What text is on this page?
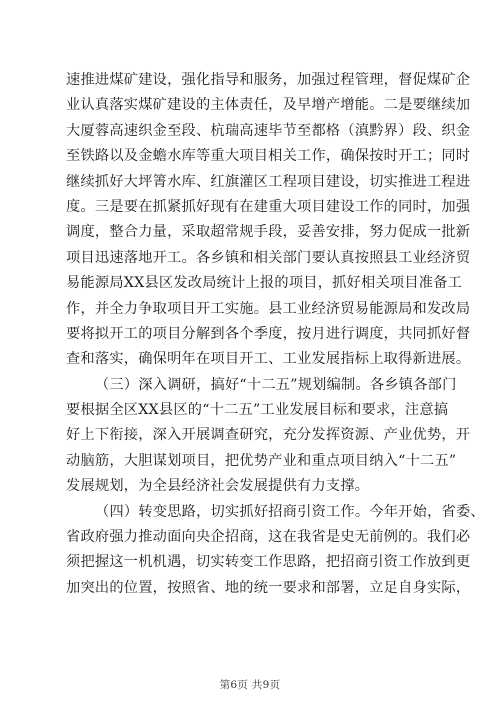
速推进煤矿建设，强化指导和服务，加强过程管理，督促煤矿企
业认真落实煤矿建设的主体责任，及早增产增能。二是要继续加
大厦蓉高速织金至段、杭瑞高速毕节至都格（滇黔界）段、织金
至铁路以及金蟾水库等重大项目相关工作，确保按时开工；同时
继续抓好大坪箐水库、红旗灌区工程项目建设，切实推进工程进
度。三是要在抓紧抓好现有在建重大项目建设工作的同时，加强
调度，整合力量，采取超常规手段，妥善安排，努力促成一批新
项目迅速落地开工。各乡镇和相关部门要认真按照县工业经济贸
易能源局XX县区发改局统计上报的项目，抓好相关项目准备工
作，并全力争取项目开工实施。县工业经济贸易能源局和发改局
要将拟开工的项目分解到各个季度，按月进行调度，共同抓好督
查和落实，确保明年在项目开工、工业发展指标上取得新进展。
（三）深入调研，搞好“十二五”规划编制。各乡镇各部门
要根据全区XX县区的“十二五”工业发展目标和要求，注意搞
好上下衔接，深入开展调查研究，充分发挥资源、产业优势，开
动脑筋，大胆谋划项目，把优势产业和重点项目纳入“十二五”
发展规划，为全县经济社会发展提供有力支撑。
（四）转变思路，切实抓好招商引资工作。今年开始，省委、
省政府强力推动面向央企招商，这在我省是史无前例的。我们必
须把握这一机机遇，切实转变工作思路，把招商引资工作放到更
加突出的位置，按照省、地的统一要求和部署，立足自身实际，
第6页 共9页
